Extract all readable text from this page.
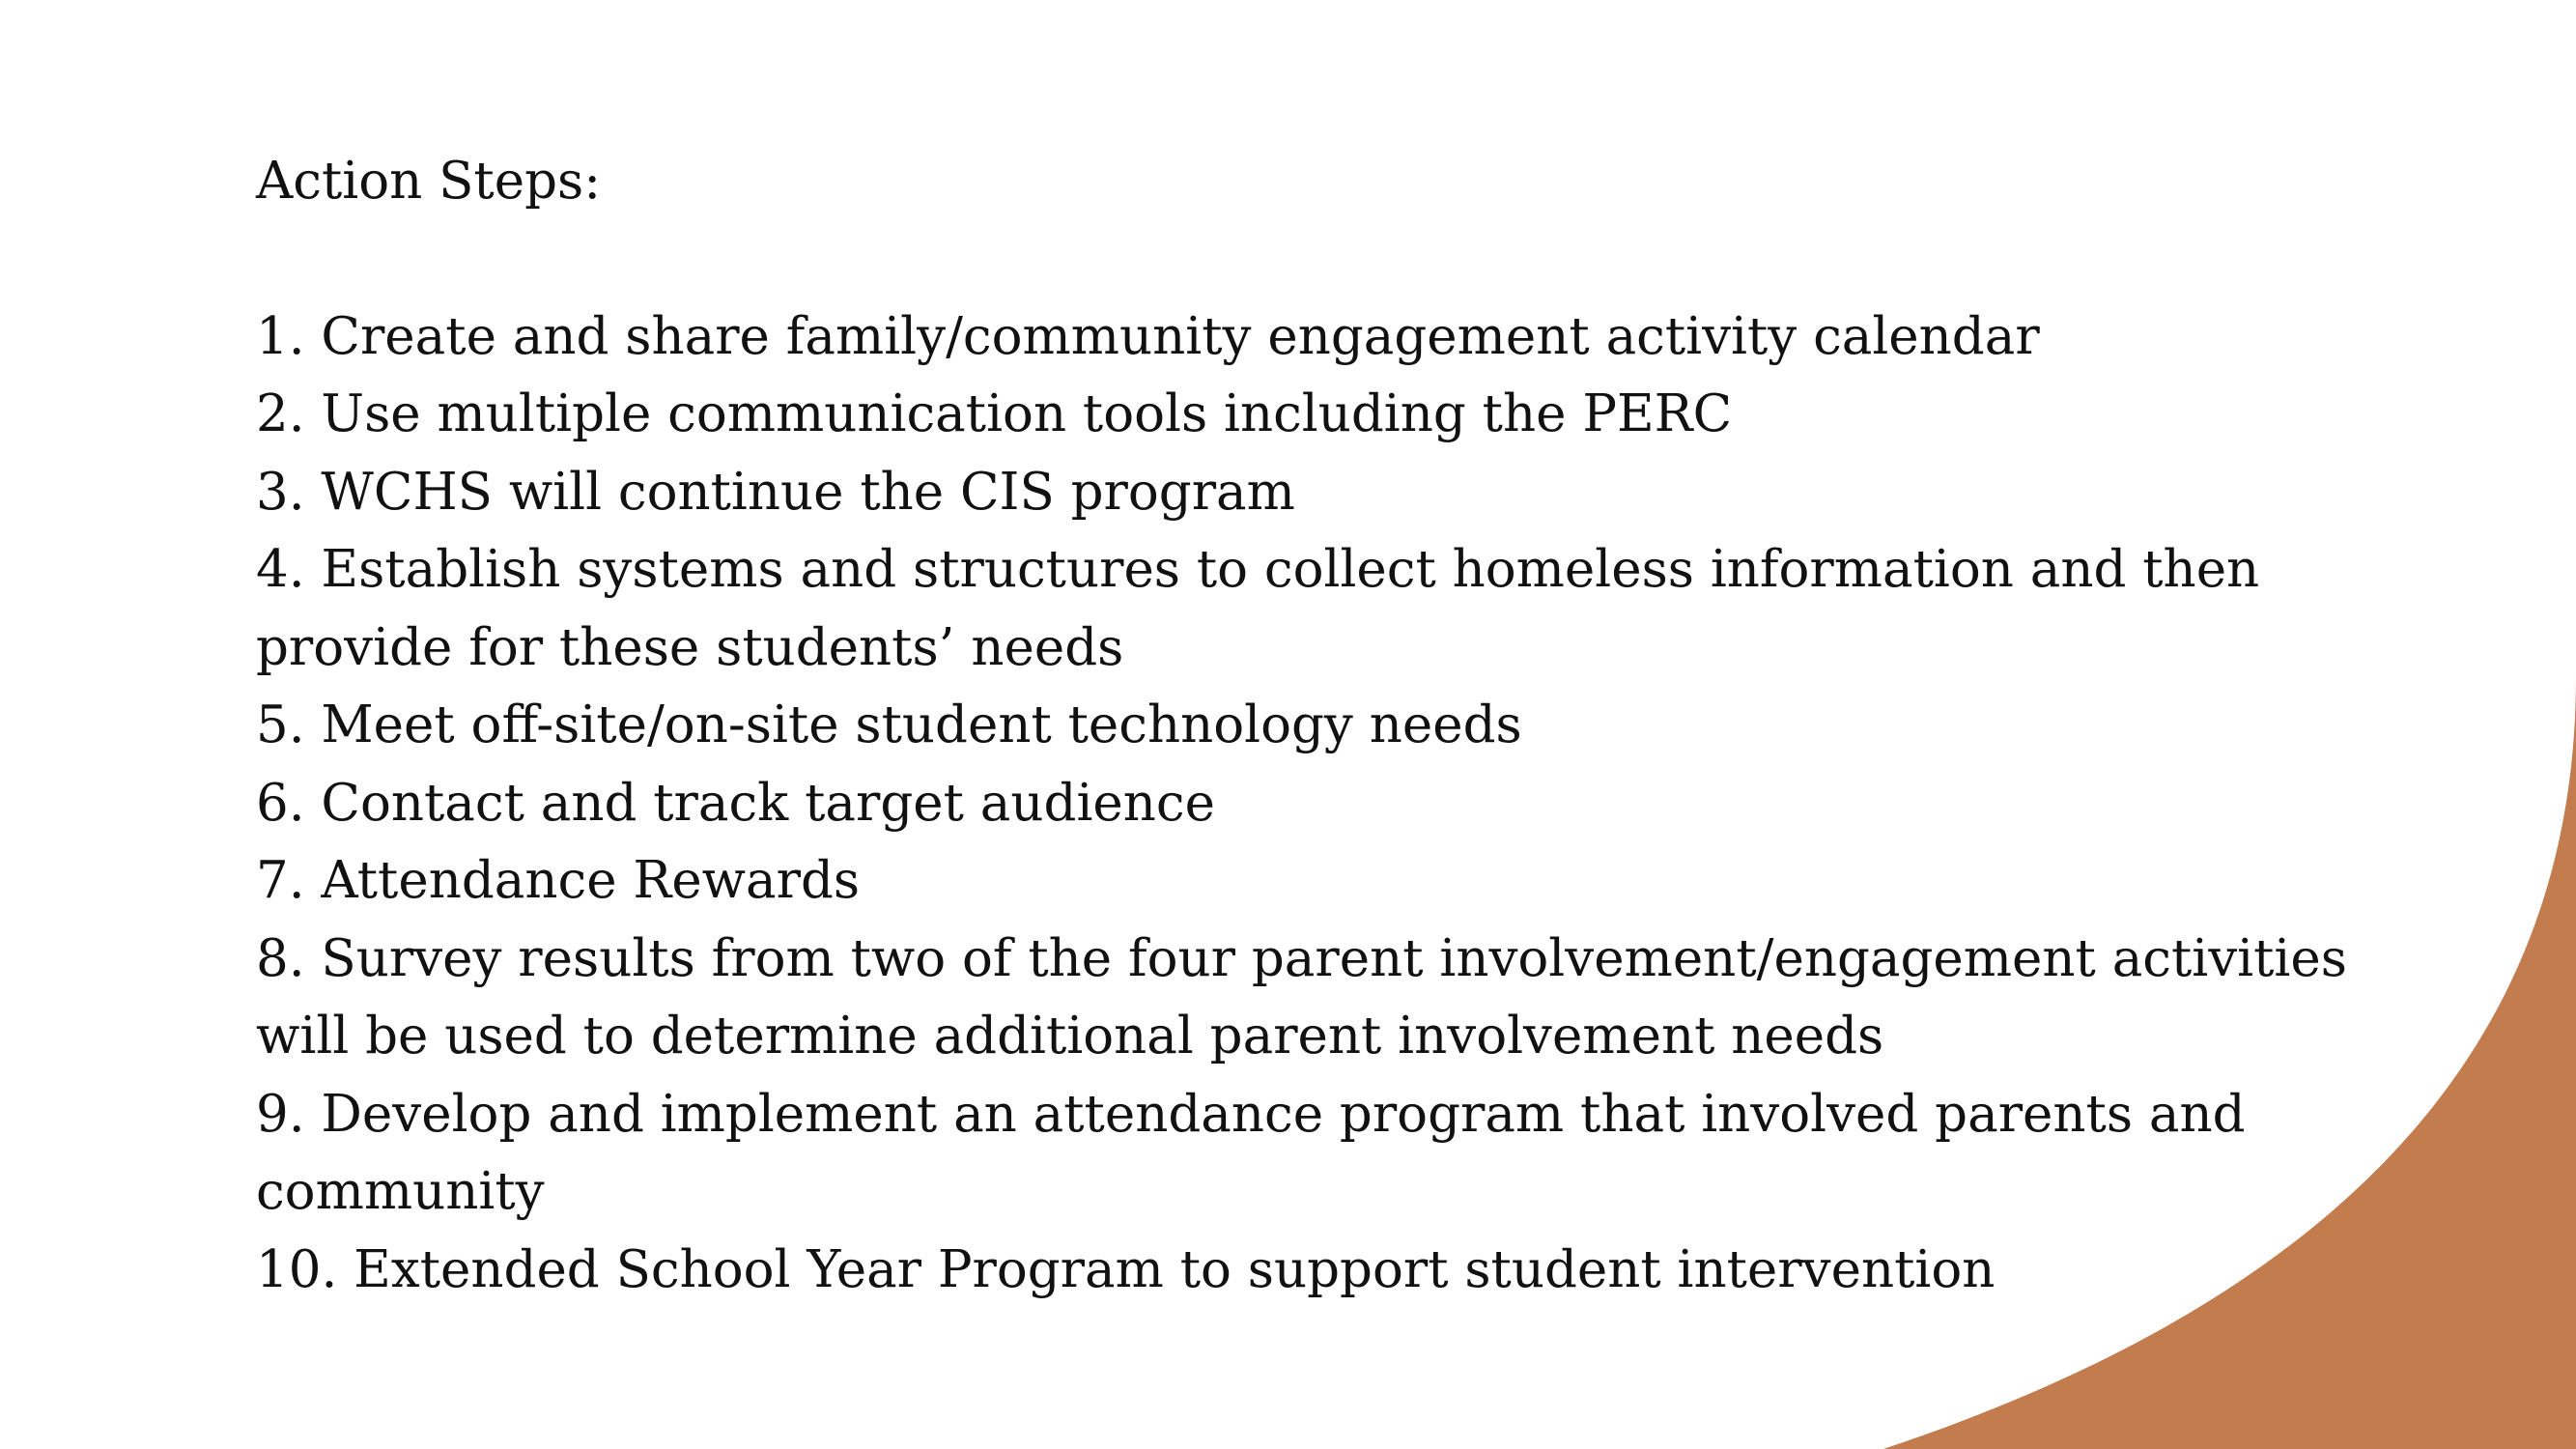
Action Steps:
1. Create and share family/community engagement activity calendar
2. Use multiple communication tools including the PERC
3. WCHS will continue the CIS program
4. Establish systems and structures to collect homeless information and then provide for these students’ needs
5. Meet off-site/on-site student technology needs
6. Contact and track target audience
7. Attendance Rewards
8. Survey results from two of the four parent involvement/engagement activities will be used to determine additional parent involvement needs
9. Develop and implement an attendance program that involved parents and community
10. Extended School Year Program to support student intervention
